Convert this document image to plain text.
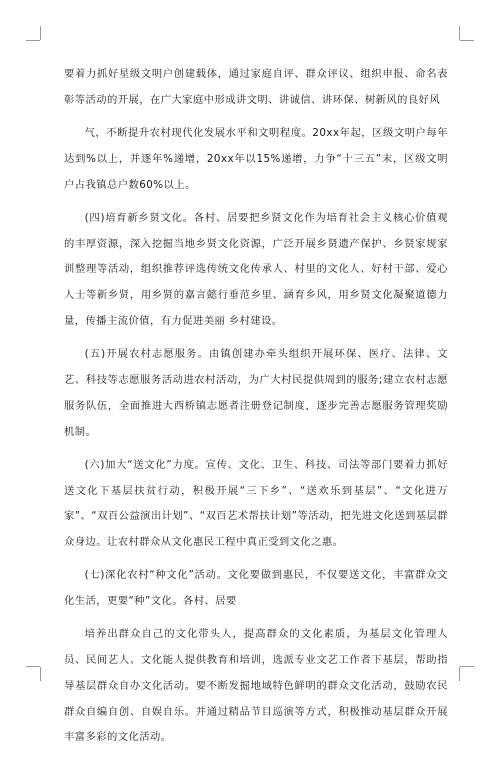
要着力抓好星级文明户创建载体，通过家庭自评、群众评议、组织申报、命名表彰等活动的开展，在广大家庭中形成讲文明、讲诚信、讲环保、树新风的良好风

气，不断提升农村现代化发展水平和文明程度。20xx年起，区级文明户每年达到%以上，并逐年%递增，20xx年以15%递增，力争“十三五”末，区级文明户占我镇总户数60%以上。

(四)培育新乡贤文化。各村、居要把乡贤文化作为培育社会主义核心价值观的丰厚资源，深入挖掘当地乡贤文化资源，广泛开展乡贤遗产保护、乡贤家规家训整理等活动，组织推荐评选传统文化传承人、村里的文化人、好村干部、爱心人士等新乡贤，用乡贤的嘉言懿行垂范乡里、涵育乡风，用乡贤文化凝聚道德力量，传播主流价值，有力促进美丽 乡村建设。

(五)开展农村志愿服务。由镇创建办牵头组织开展环保、医疗、法律、文艺、科技等志愿服务活动进农村活动，为广大村民提供周到的服务;建立农村志愿服务队伍，全面推进大西桥镇志愿者注册登记制度，逐步完善志愿服务管理奖励机制。

(六)加大“送文化”力度。宣传、文化、卫生、科技、司法等部门要着力抓好送文化下基层扶贫行动，积极开展“三下乡”、“送欢乐到基层”、“文化进万家”、“双百公益演出计划”、“双百艺术帮扶计划”等活动，把先进文化送到基层群众身边。让农村群众从文化惠民工程中真正受到文化之惠。

(七)深化农村“种文化”活动。文化要做到惠民，不仅要送文化，丰富群众文化生活，更要“种”文化。各村、居要

培养出群众自己的文化带头人，提高群众的文化素质，为基层文化管理人员、民间艺人、文化能人提供教育和培训，选派专业文艺工作者下基层，帮助指导基层群众自办文化活动。要不断发掘地域特色鲜明的群众文化活动，鼓励农民群众自编自创、自娱自乐。并通过精品节目巡演等方式，积极推动基层群众开展丰富多彩的文化活动。
